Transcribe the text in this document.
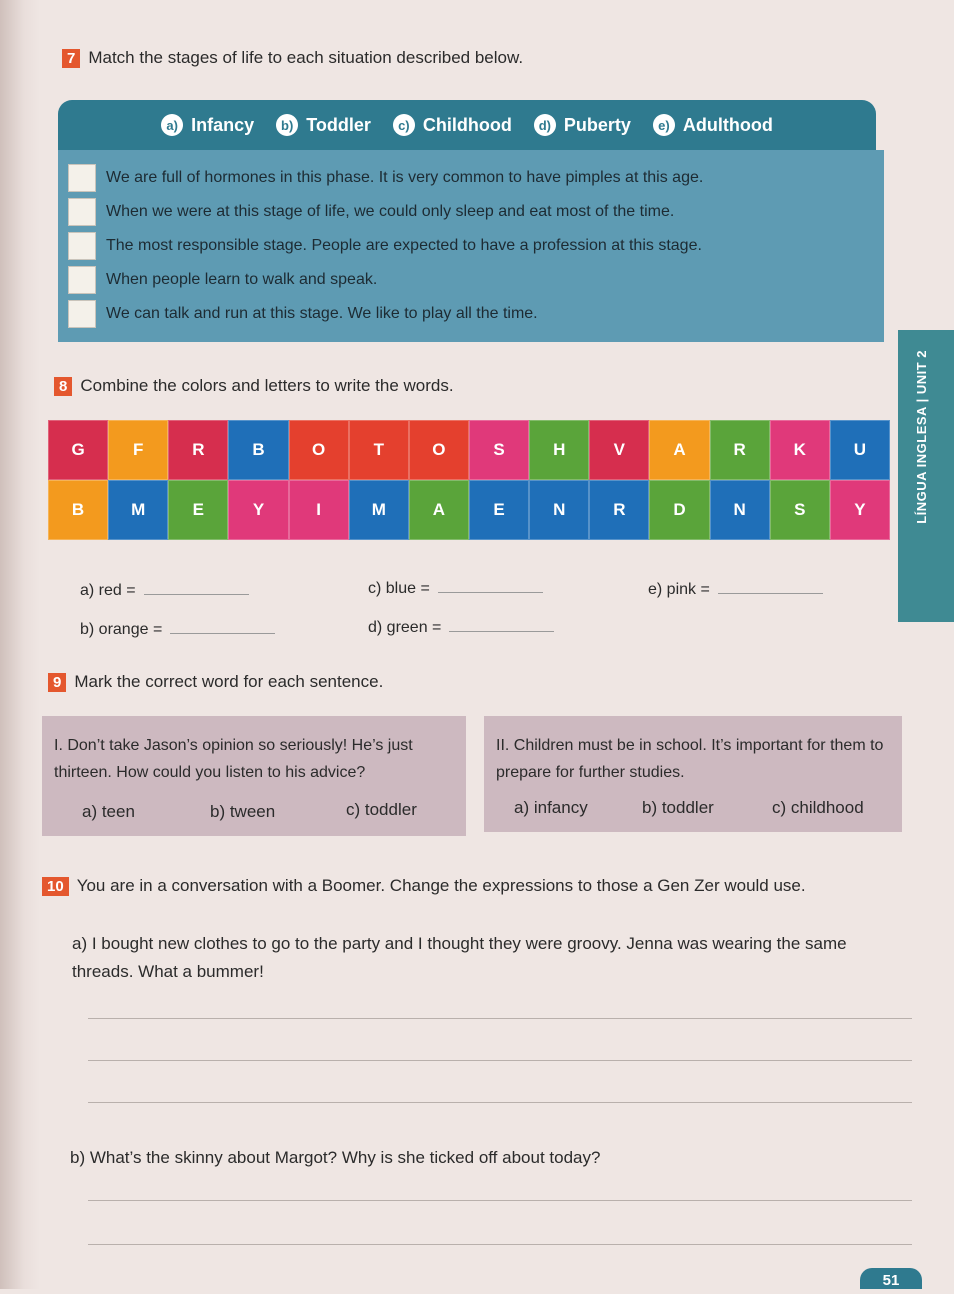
7 Match the stages of life to each situation described below.
a) Infancy	b) Toddler	c) Childhood	d) Puberty	e) Adulthood
We are full of hormones in this phase. It is very common to have pimples at this age.
When we were at this stage of life, we could only sleep and eat most of the time.
The most responsible stage. People are expected to have a profession at this stage.
When people learn to walk and speak.
We can talk and run at this stage. We like to play all the time.
8 Combine the colors and letters to write the words.
G	F	R	B	O	T	O	S	H	V	A	R	K	U
B	M	E	Y	I	M	A	E	N	R	D	N	S	Y
a) red =
b) orange =
c) blue =
d) green =
e) pink =
LÍNGUA INGLESA | UNIT 2
9 Mark the correct word for each sentence.
I. Don’t take Jason’s opinion so seriously! He’s just thirteen. How could you listen to his advice?
a) teen	b) tween	c) toddler
II. Children must be in school. It’s important for them to prepare for further studies.
a) infancy	b) toddler	c) childhood
10 You are in a conversation with a Boomer. Change the expressions to those a Gen Zer would use.
a) I bought new clothes to go to the party and I thought they were groovy. Jenna was wearing the same threads. What a bummer!
b) What’s the skinny about Margot? Why is she ticked off about today?
51
